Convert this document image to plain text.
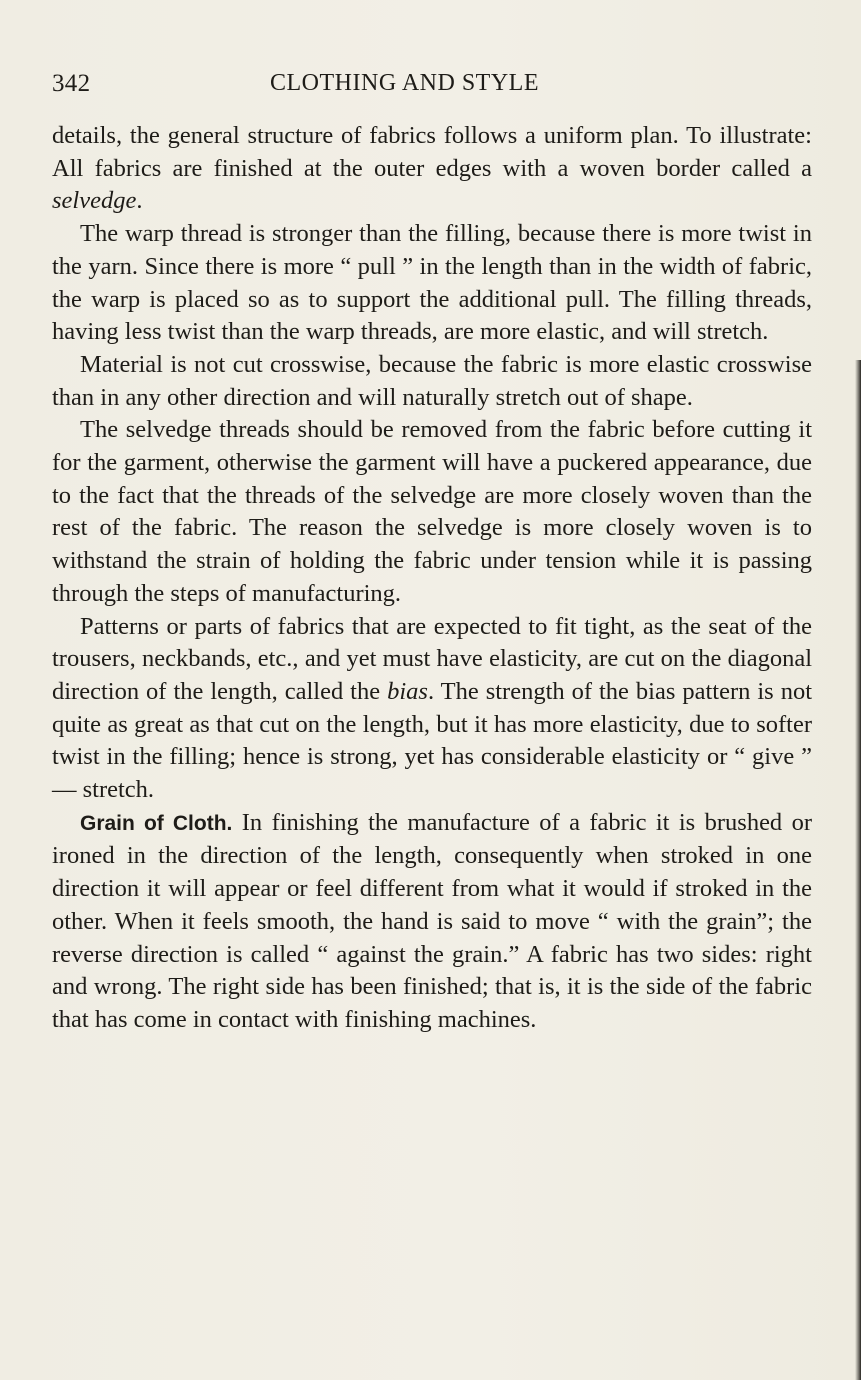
342	CLOTHING AND STYLE

details, the general structure of fabrics follows a uniform plan. To illustrate: All fabrics are finished at the outer edges with a woven border called a selvedge.

The warp thread is stronger than the filling, because there is more twist in the yarn. Since there is more “ pull ” in the length than in the width of fabric, the warp is placed so as to support the additional pull. The filling threads, having less twist than the warp threads, are more elastic, and will stretch.

Material is not cut crosswise, because the fabric is more elastic crosswise than in any other direction and will naturally stretch out of shape.

The selvedge threads should be removed from the fabric before cutting it for the garment, otherwise the garment will have a puckered appearance, due to the fact that the threads of the selvedge are more closely woven than the rest of the fabric. The reason the selvedge is more closely woven is to withstand the strain of holding the fabric under tension while it is passing through the steps of manufacturing.

Patterns or parts of fabrics that are expected to fit tight, as the seat of the trousers, neckbands, etc., and yet must have elasticity, are cut on the diagonal direction of the length, called the bias. The strength of the bias pattern is not quite as great as that cut on the length, but it has more elasticity, due to softer twist in the filling; hence is strong, yet has considerable elasticity or “ give ” — stretch.

Grain of Cloth. In finishing the manufacture of a fabric it is brushed or ironed in the direction of the length, consequently when stroked in one direction it will appear or feel different from what it would if stroked in the other. When it feels smooth, the hand is said to move “ with the grain”; the reverse direction is called “ against the grain.” A fabric has two sides: right and wrong. The right side has been finished; that is, it is the side of the fabric that has come in contact with finishing machines.
